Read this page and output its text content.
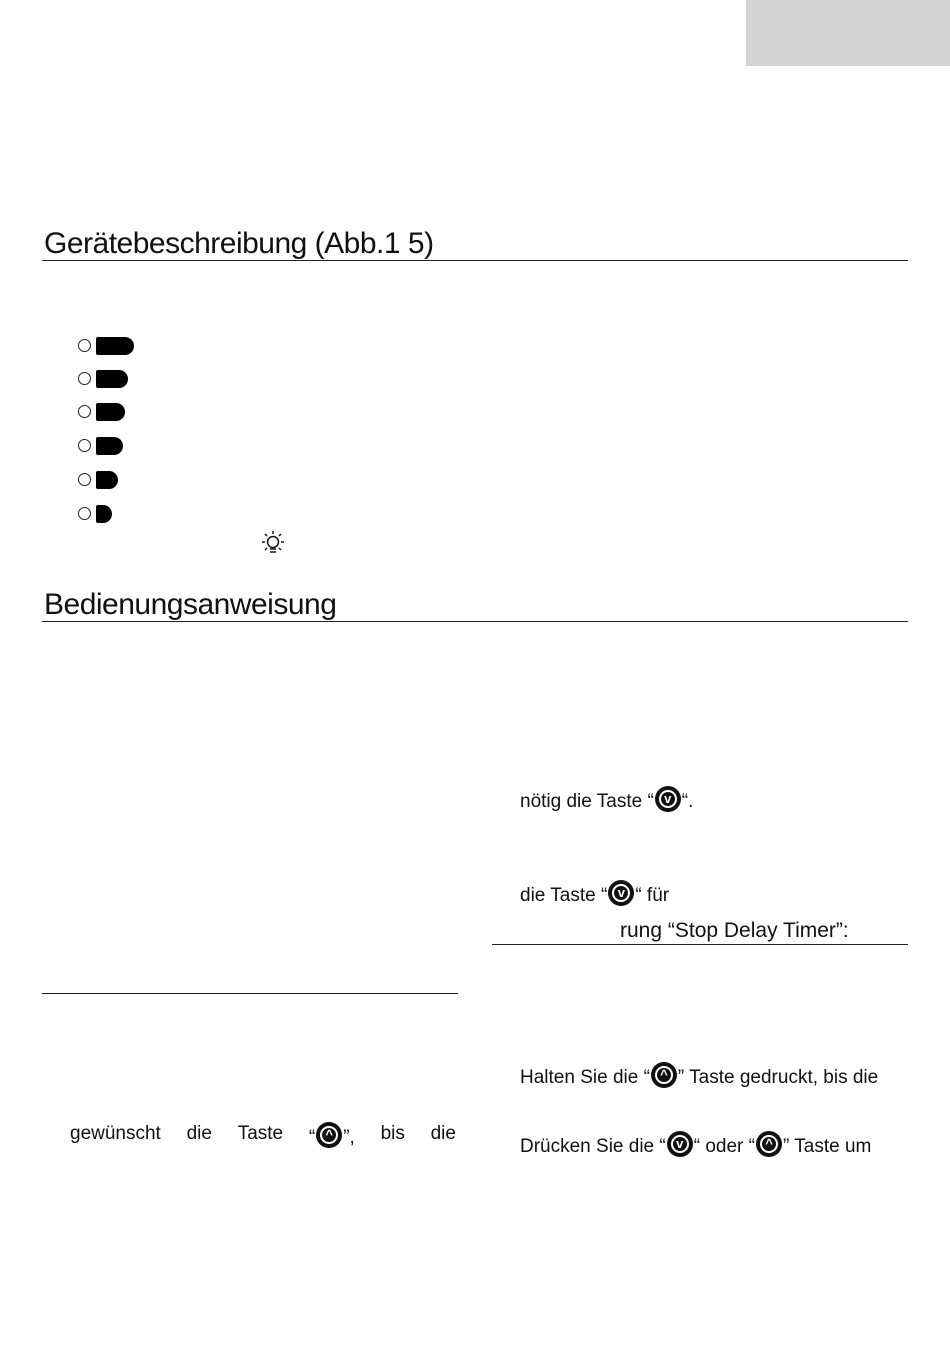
Gerätebeschreibung (Abb.1 5)
Bedienungsanweisung
nötig die Taste “ v “.
die Taste “ v “ für
rung “Stop Delay Timer”:
Halten Sie die “ ^ ” Taste gedruckt, bis die
gewünscht die Taste “ ^ ”, bis die
Drücken Sie die “ v “ oder “ ^ ” Taste um
